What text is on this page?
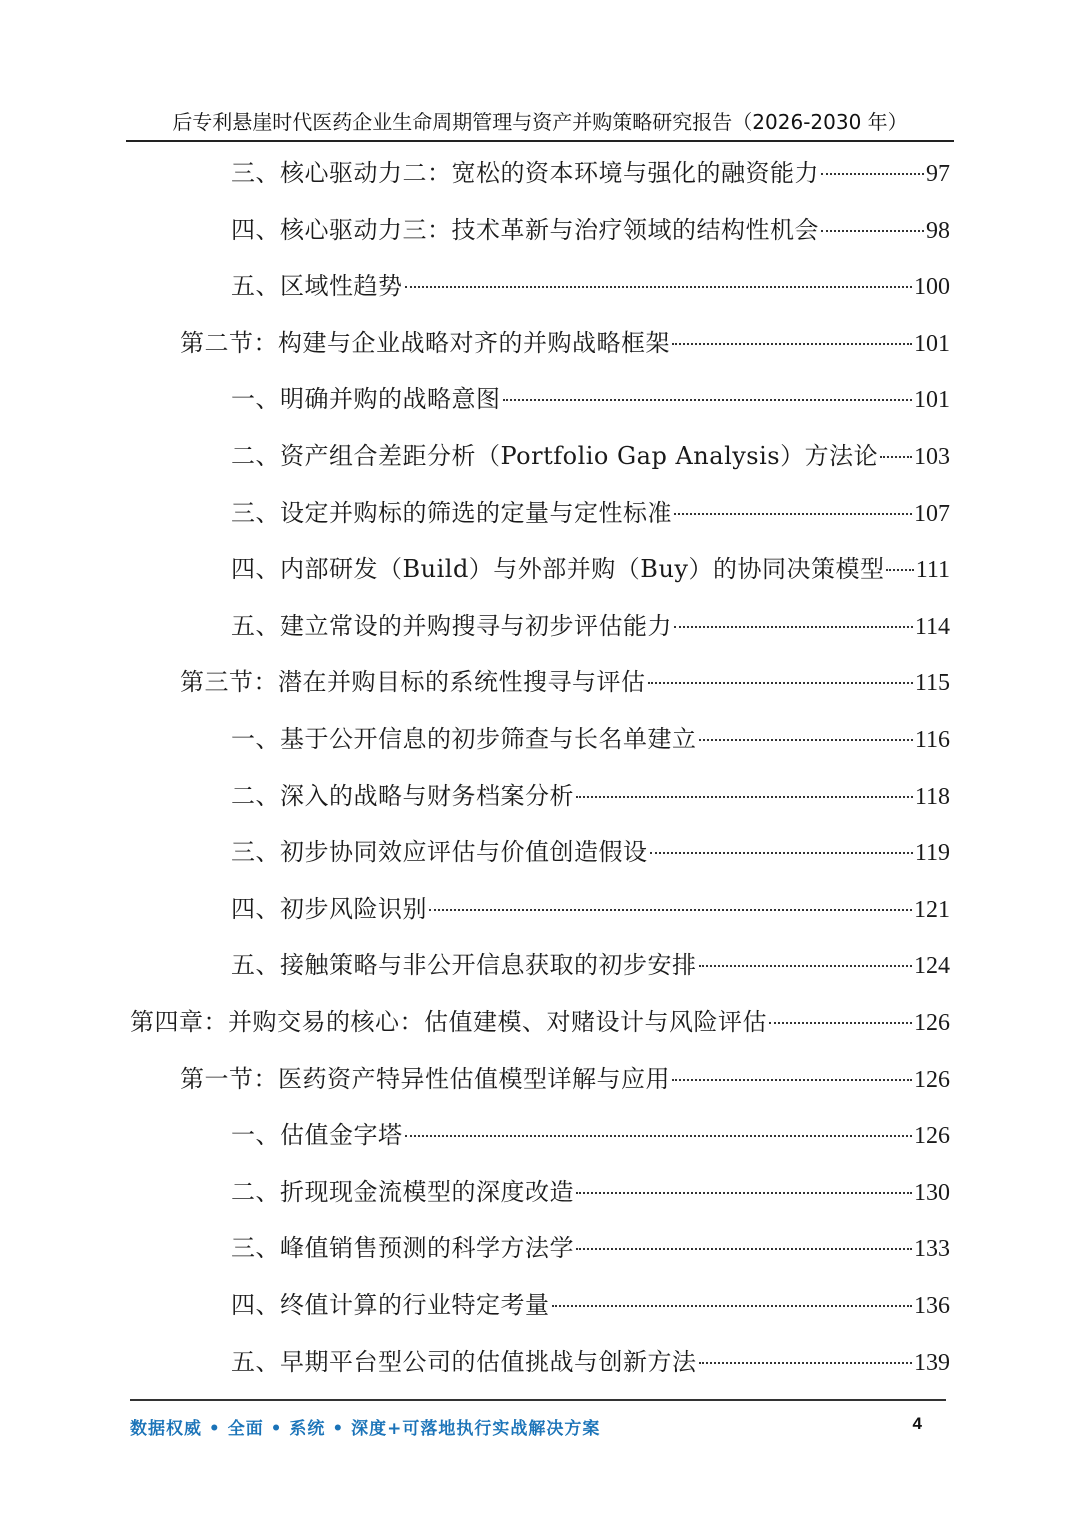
后专利悬崖时代医药企业生命周期管理与资产并购策略研究报告（2026-2030 年）
三、核心驱动力二：宽松的资本环境与强化的融资能力	97
四、核心驱动力三：技术革新与治疗领域的结构性机会	98
五、区域性趋势	100
第二节：构建与企业战略对齐的并购战略框架	101
一、明确并购的战略意图	101
二、资产组合差距分析（Portfolio Gap Analysis）方法论 103
三、设定并购标的筛选的定量与定性标准	107
四、内部研发（Build）与外部并购（Buy）的协同决策模型 111
五、建立常设的并购搜寻与初步评估能力	114
第三节：潜在并购目标的系统性搜寻与评估	115
一、基于公开信息的初步筛查与长名单建立	116
二、深入的战略与财务档案分析	118
三、初步协同效应评估与价值创造假设	119
四、初步风险识别	121
五、接触策略与非公开信息获取的初步安排	124
第四章：并购交易的核心：估值建模、对赌设计与风险评估	126
第一节：医药资产特异性估值模型详解与应用	126
一、估值金字塔	126
二、折现现金流模型的深度改造	130
三、峰值销售预测的科学方法学	133
四、终值计算的行业特定考量	136
五、早期平台型公司的估值挑战与创新方法	139
数据权威 • 全面 • 系统 • 深度+可落地执行实战解决方案	4
